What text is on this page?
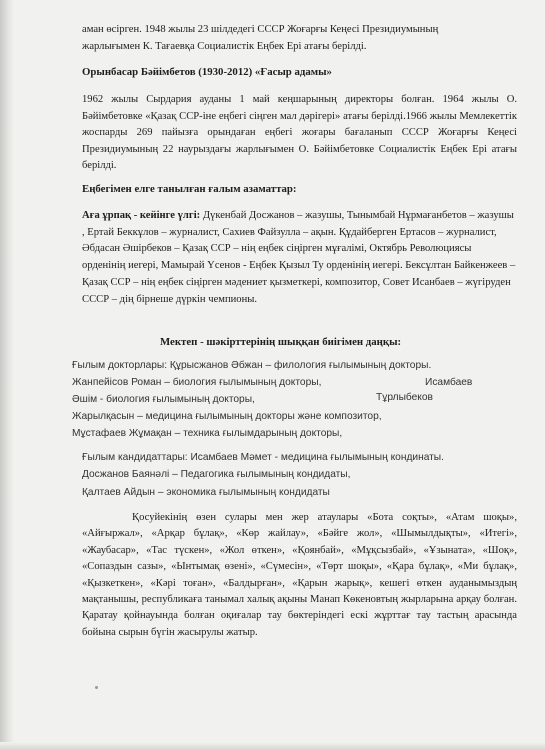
аман өсірген. 1948 жылы 23 шілдедегі СССР Жоғарғы Кеңесі Президиумының
жарлығымен К. Тағаевқа Социалистік Еңбек Ері атағы берілді.

Орынбасар Бәйімбетов (1930-2012) «Ғасыр адамы»

1962 жылы Сырдария ауданы 1 май кеңшарының директоры болған. 1964 жылы О. Бәйімбетовке «Қазақ ССР-іне еңбегі сіңген мал дәрігері» атағы берілді.1966 жылы Мемлекеттік жоспарды 269 пайызға орындаған еңбегі жоғары бағаланып СССР Жоғарғы Кеңесі Президиумының 22 наурыздағы жарлығымен О. Бәйімбетовке Социалистік Еңбек Ері атағы берілді.

Еңбегімен елге танылған ғалым азаматтар:

Аға ұрпақ - кейінге үлгі: Дүкенбай Досжанов – жазушы, Тынымбай Нұрмағанбетов – жазушы , Ертай Беккұлов – журналист, Сахиев Файзулла – ақын. Құдайберген Ертасов – журналист, Әбдасан Әшірбеков – Қазақ ССР – нің еңбек сіңірген мұғалімі, Октябрь Революциясы орденінің иегері, Мамырай Үсенов - Еңбек Қызыл Ту орденінің иегері. Бексұлтан Байкенжеев – Қазақ ССР – нің еңбек сіңірген мәдениет қызметкері, композитор, Совет Исанбаев – жүгіруден СССР – дің бірнеше дүркін чемпионы.

Мектеп - шәкірттерінің шыққан биігімен даңқы:

Ғылым докторлары: Құрысжанов Әбжан – филология ғылымының докторы.
Жанпейісов Роман – биология ғылымының докторы,	Исамбаев
Әшім - биология ғылымының докторы,	Тұрлыбеков
Жарылқасын – медицина ғылымының докторы және композитор,
Мұстафаев Жұмақан – техника ғылымдарының докторы,
Ғылым кандидаттары: Исамбаев Мәмет - медицина ғылымының кондинаты.
Досжанов Баянәлі – Педагогика ғылымының кондидаты,
Қалтаев Айдын – экономика ғылымының кондидаты

Қосуйекінің өзен сулары мен жер атаулары «Бота соқты», «Атам шоқы», «Айғыржал», «Арқар бұлақ», «Көр жайлау», «Бәйге жол», «Шымылдықты», «Итегі», «Жаубасар», «Тас түскен», «Жол өткен», «Қоянбай», «Мұқсызбай», «Ұзыната», «Шоқ», «Сопаздын сазы», «Ынтымақ өзені», «Сүмесін», «Төрт шоқы», «Қара бұлақ», «Ми бұлақ», «Қызкеткен», «Кәрі тоған», «Балдырған», «Қарын жарық», кешегі өткен ауданымыздың мақтанышы, республикаға танымал халық ақыны Манап Көкеновтың жырларына арқау болған. Қаратау қойнауында болған оқиғалар тау бөктеріндегі ескі жұрттағ тау тастың арасында бойына сырын бүгін жасырулы жатыр.
